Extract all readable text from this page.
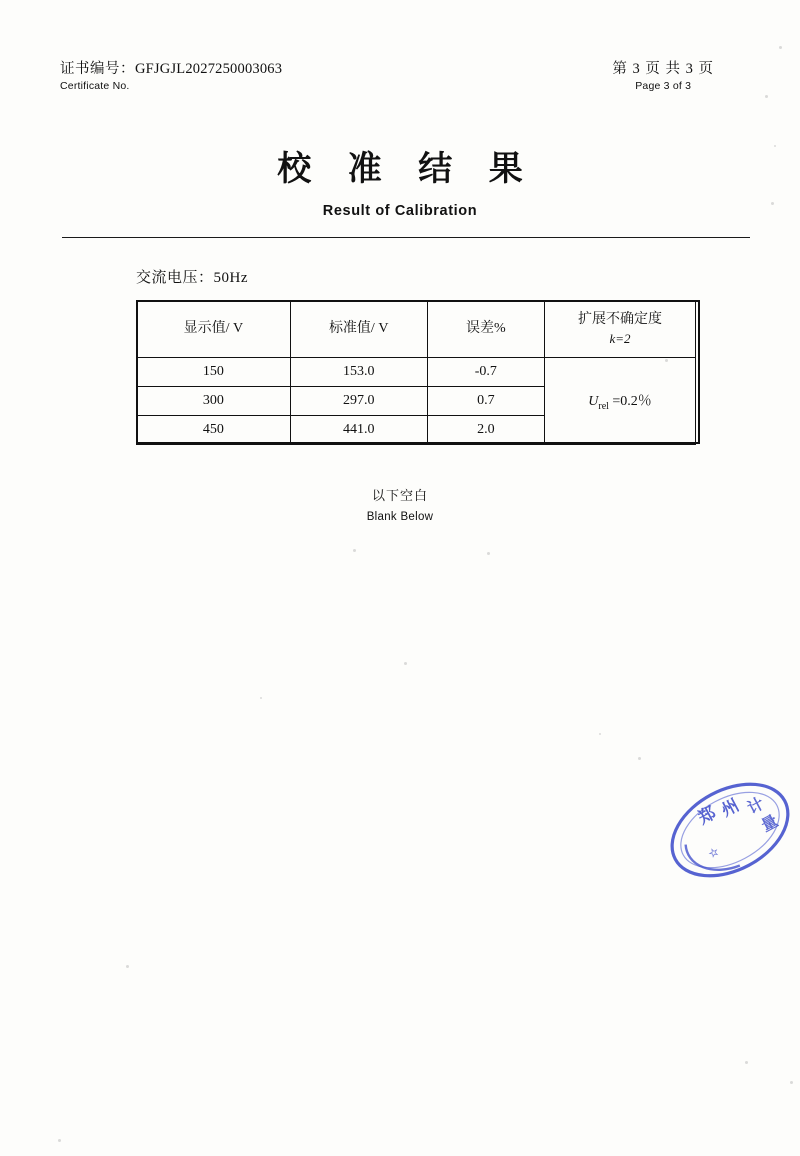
证书编号：GFJGJL2027250003063
Certificate No.
第 3 页 共 3 页
Page 3 of 3
校 准 结 果
Result of Calibration
交流电压：50Hz
显示值/ V	标准值/ V	误差%	扩展不确定度
k=2

150	153.0	-0.7	$U_{rel} =0.2$％
300	297.0	0.7	
450	441.0	2.0	
以下空白
Blank Below
郑 州 计
量
☆
